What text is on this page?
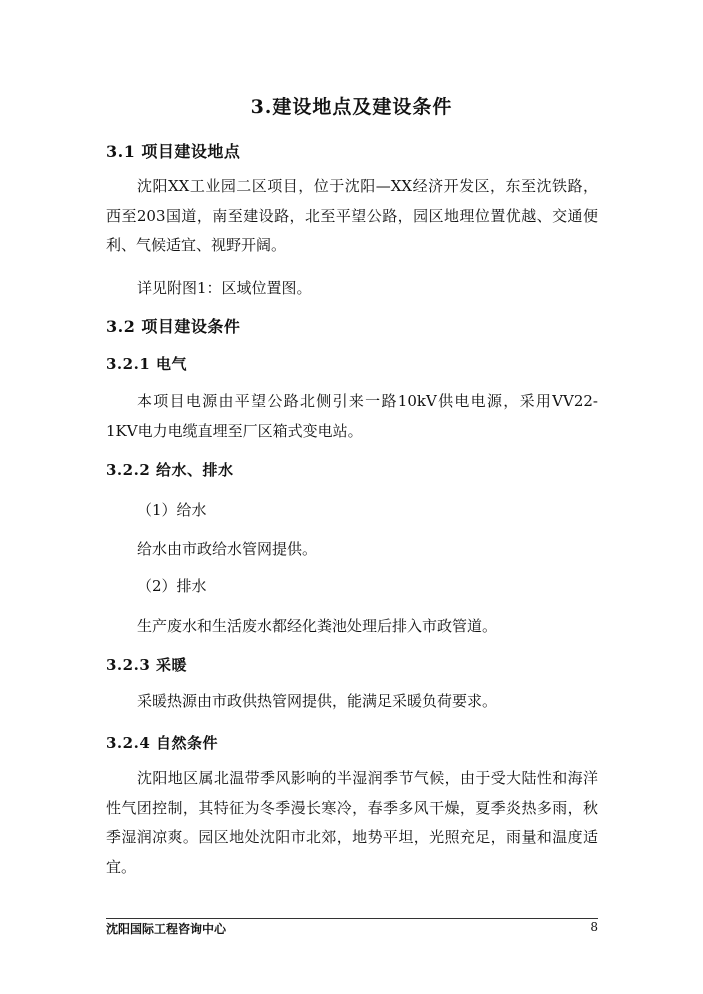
3.建设地点及建设条件
3.1 项目建设地点
沈阳XX工业园二区项目，位于沈阳—XX经济开发区，东至沈铁路，西至203国道，南至建设路，北至平望公路，园区地理位置优越、交通便利、气候适宜、视野开阔。
详见附图1：区域位置图。
3.2 项目建设条件
3.2.1 电气
本项目电源由平望公路北侧引来一路10kV供电电源，采用VV22-1KV电力电缆直埋至厂区箱式变电站。
3.2.2 给水、排水
（1）给水
给水由市政给水管网提供。
（2）排水
生产废水和生活废水都经化粪池处理后排入市政管道。
3.2.3 采暖
采暖热源由市政供热管网提供，能满足采暖负荷要求。
3.2.4 自然条件
沈阳地区属北温带季风影响的半湿润季节气候，由于受大陆性和海洋性气团控制，其特征为冬季漫长寒冷，春季多风干燥，夏季炎热多雨，秋季湿润凉爽。园区地处沈阳市北郊，地势平坦，光照充足，雨量和温度适宜。
沈阳国际工程咨询中心	8
